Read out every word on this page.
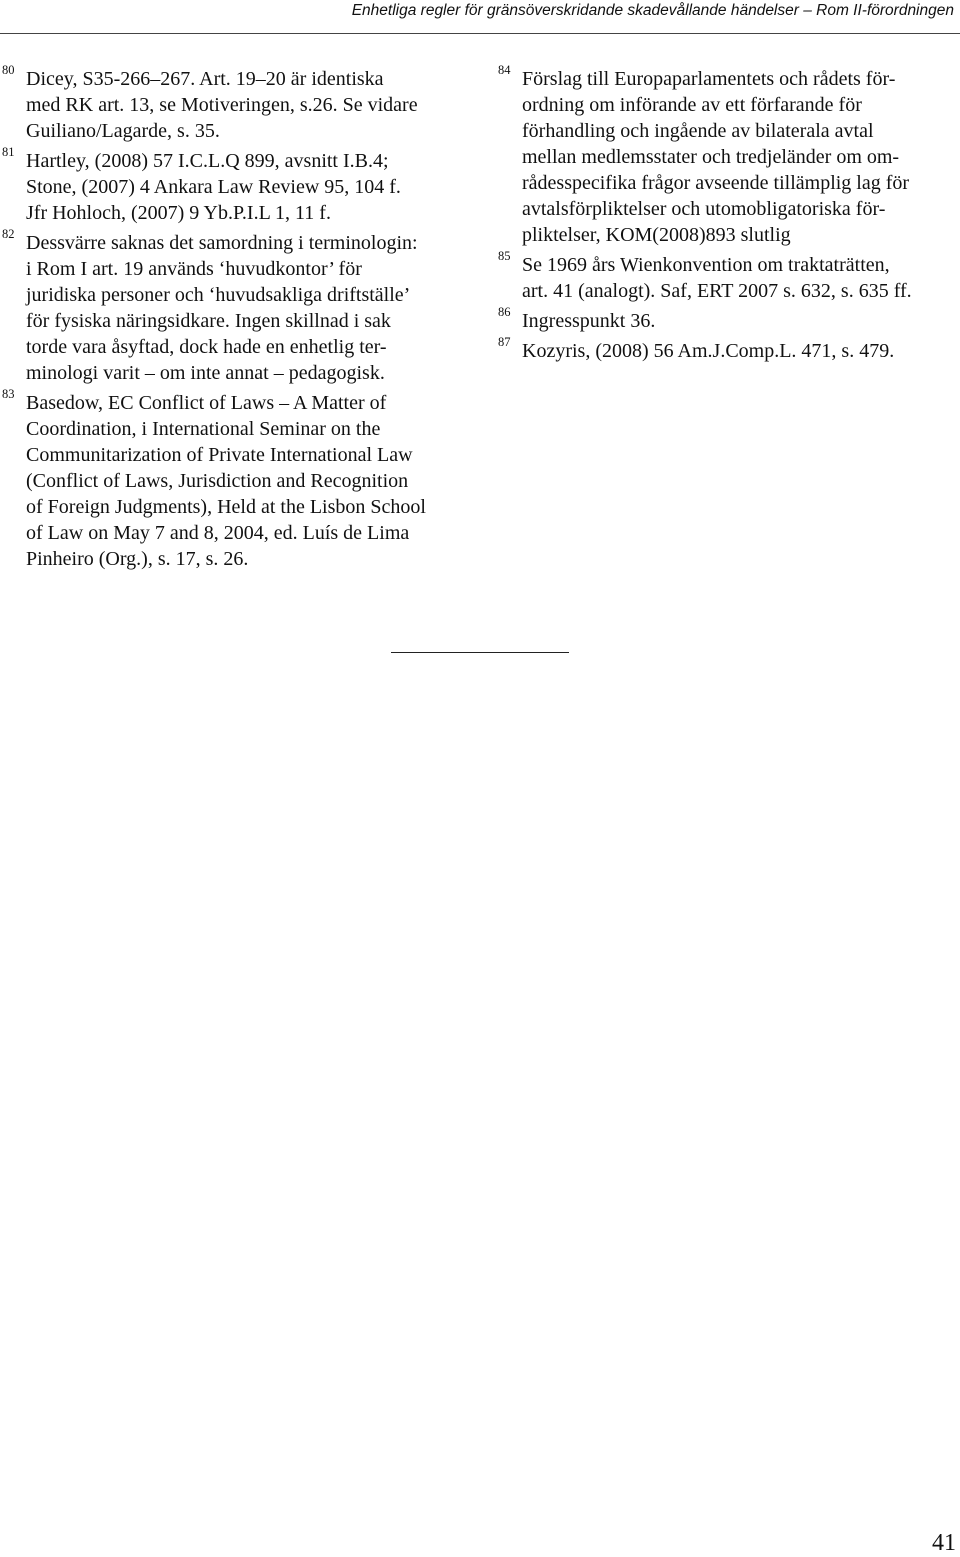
Enhetliga regler för gränsöverskridande skadevållande händelser – Rom II-förordningen
80 Dicey, S35-266–267. Art. 19–20 är identiska
med RK art. 13, se Motiveringen, s.26. Se vidare
Guiliano/Lagarde, s. 35.
81 Hartley, (2008) 57 I.C.L.Q 899, avsnitt I.B.4;
Stone, (2007) 4 Ankara Law Review 95, 104 f.
Jfr Hohloch, (2007) 9 Yb.P.I.L 1, 11 f.
82 Dessvärre saknas det samordning i terminologin:
i Rom I art. 19 används ‘huvudkontor’ för
juridiska personer och ‘huvudsakliga driftställe’
för fysiska näringsidkare. Ingen skillnad i sak
torde vara åsyftad, dock hade en enhetlig ter-
minologi varit – om inte annat – pedagogisk.
83 Basedow, EC Conflict of Laws – A Matter of
Coordination, i International Seminar on the
Communitarization of Private International Law
(Conflict of Laws, Jurisdiction and Recognition
of Foreign Judgments), Held at the Lisbon School
of Law on May 7 and 8, 2004, ed. Luís de Lima
Pinheiro (Org.), s. 17, s. 26.
84 Förslag till Europaparlamentets och rådets för-
ordning om införande av ett förfarande för
förhandling och ingående av bilaterala avtal
mellan medlemsstater och tredjeländer om om-
rådesspecifika frågor avseende tillämplig lag för
avtalsförpliktelser och utomobligatoriska för-
pliktelser, KOM(2008)893 slutlig
85 Se 1969 års Wienkonvention om traktaträtten,
art. 41 (analogt). Saf, ERT 2007 s. 632, s. 635 ff.
86 Ingresspunkt 36.
87 Kozyris, (2008) 56 Am.J.Comp.L. 471, s. 479.
41
